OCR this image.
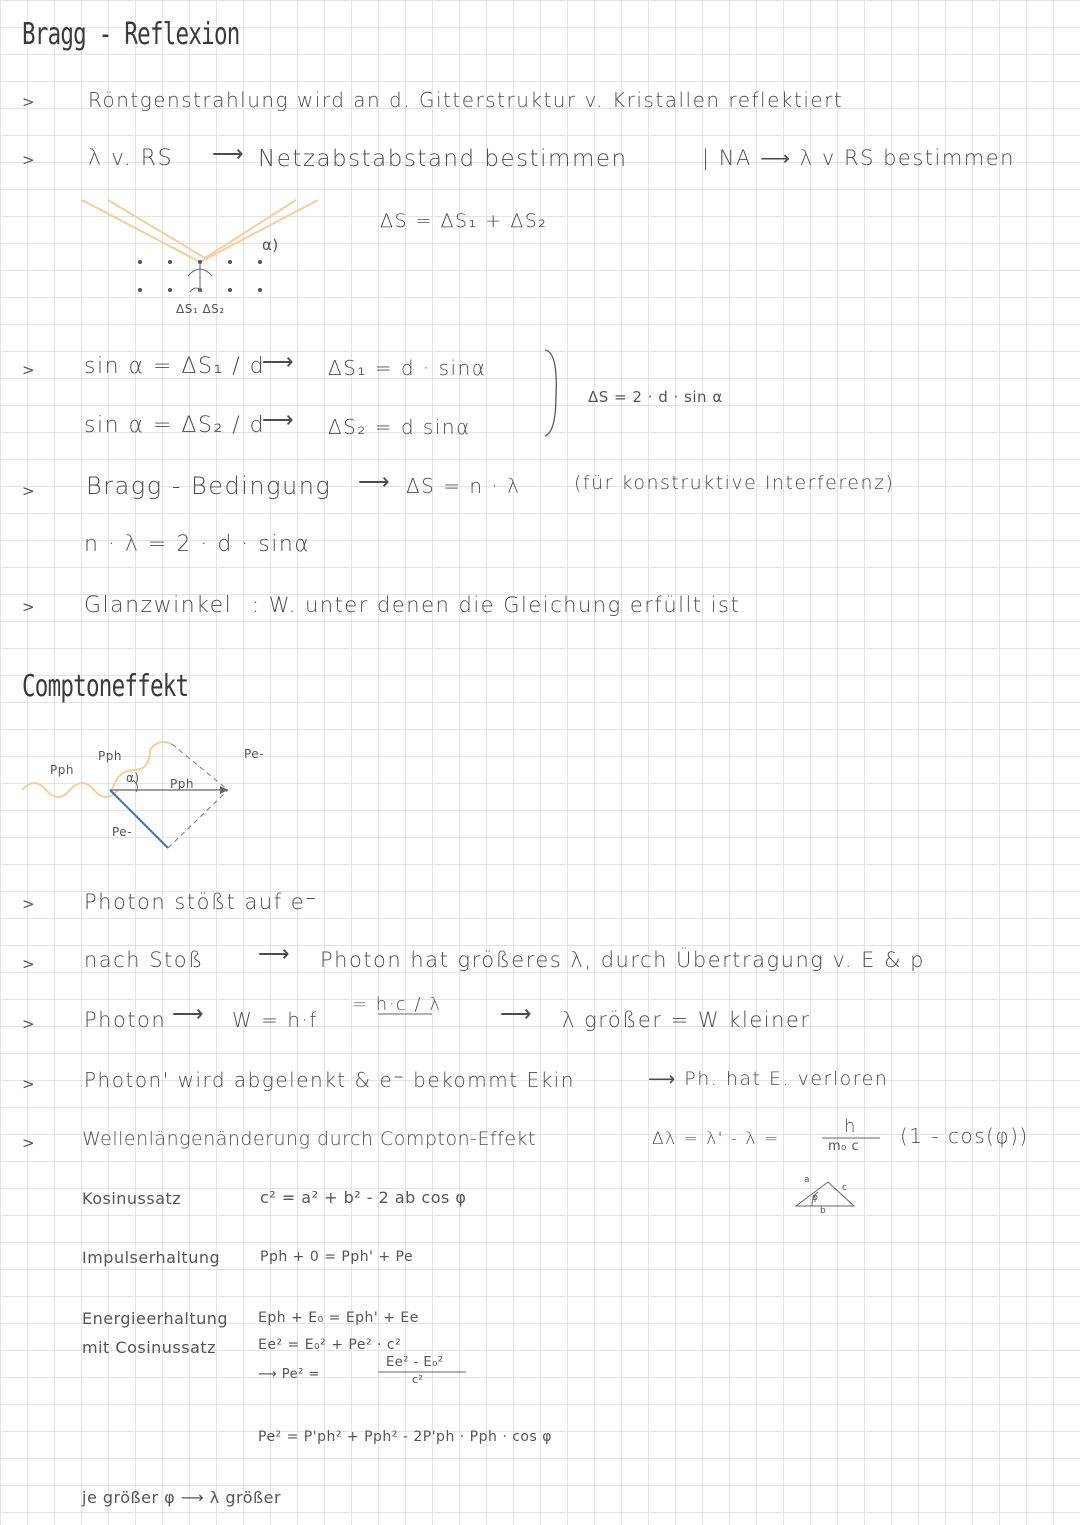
Bragg - Reflexion
>	Röntgenstrahlung wird an d. Gitterstruktur v. Kristallen reflektiert
> λ v. RS ⟶ Netzabstabstand bestimmen	| NA ⟶ λ v RS bestimmen
ΔS = ΔS₁ + ΔS₂
α)
ΔS₁ ΔS₂
> sin α = ΔS₁ / d
⟶ ΔS₁ = d · sinα
sin α = ΔS₂ / d
⟶ ΔS₂ = d sinα
ΔS = 2 · d · sin α
> Bragg - Bedingung ⟶ ΔS = n · λ	(für konstruktive Interferenz)
n · λ = 2 · d · sinα
> Glanzwinkel : W. unter denen die Gleichung erfüllt ist
Comptoneffekt
Pph
Pph
Pph
Pe-
Pe-
α)
> Photon stößt auf e⁻
> nach Stoß ⟶ Photon hat größeres λ, durch Übertragung v. E & p
> Photon ⟶ W = h·f
= h·c / λ	⟶ λ größer = W kleiner
> Photon' wird abgelenkt & e⁻ bekommt Ekin	⟶ Ph. hat E. verloren
> Wellenlängenänderung durch Compton-Effekt	Δλ = λ' - λ =
h
m₀ c (1 - cos(φ))
a
b
c
φ
Kosinussatz	c² = a² + b² - 2 ab cos φ
Impulserhaltung	Pph + 0 = Pph' + Pe
Energieerhaltung
mit Cosinussatz
Eph + E₀ = Eph' + Ee
Ee² = E₀² + Pe² · c²
⟶ Pe² =
Ee² - E₀²
c²
Pe² = P'ph² + Pph² - 2P'ph · Pph · cos φ
je größer φ ⟶ λ größer
